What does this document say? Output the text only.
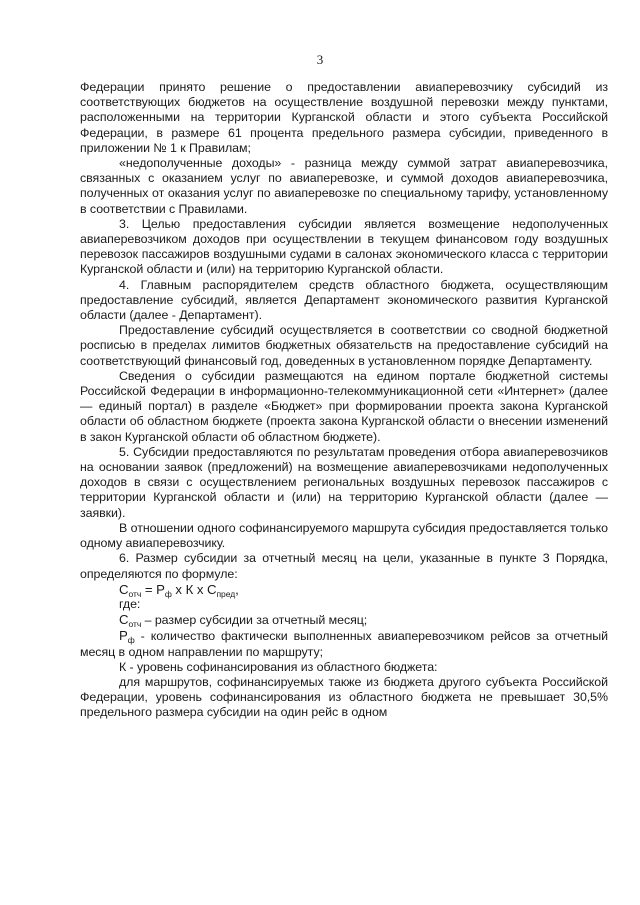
3

Федерации принято решение о предоставлении авиаперевозчику субсидий из соответствующих бюджетов на осуществление воздушной перевозки между пунктами, расположенными на территории Курганской области и этого субъекта Российской Федерации, в размере 61 процента предельного размера субсидии, приведенного в приложении № 1 к Правилам;

«недополученные доходы» - разница между суммой затрат авиаперевозчика, связанных с оказанием услуг по авиаперевозке, и суммой доходов авиаперевозчика, полученных от оказания услуг по авиаперевозке по специальному тарифу, установленному в соответствии с Правилами.

3. Целью предоставления субсидии является возмещение недополученных авиаперевозчиком доходов при осуществлении в текущем финансовом году воздушных перевозок пассажиров воздушными судами в салонах экономического класса с территории Курганской области и (или) на территорию Курганской области.

4. Главным распорядителем средств областного бюджета, осуществляющим предоставление субсидий, является Департамент экономического развития Курганской области (далее - Департамент).

Предоставление субсидий осуществляется в соответствии со сводной бюджетной росписью в пределах лимитов бюджетных обязательств на предоставление субсидий на соответствующий финансовый год, доведенных в установленном порядке Департаменту.

Сведения о субсидии размещаются на едином портале бюджетной системы Российской Федерации в информационно-телекоммуникационной сети «Интернет» (далее — единый портал) в разделе «Бюджет» при формировании проекта закона Курганской области об областном бюджете (проекта закона Курганской области о внесении изменений в закон Курганской области об областном бюджете).

5. Субсидии предоставляются по результатам проведения отбора авиаперевозчиков на основании заявок (предложений) на возмещение авиаперевозчиками недополученных доходов в связи с осуществлением региональных воздушных перевозок пассажиров с территории Курганской области и (или) на территорию Курганской области (далее — заявки).

В отношении одного софинансируемого маршрута субсидия предоставляется только одному авиаперевозчику.

6. Размер субсидии за отчетный месяц на цели, указанные в пункте 3 Порядка, определяются по формуле:

$С_{отч} = Р_ф$ х К х $С_{пред}$,
где:

$С_{отч}$ – размер субсидии за отчетный месяц;

$Р_ф$ - количество фактически выполненных авиаперевозчиком рейсов за отчетный месяц в одном направлении по маршруту;

К - уровень софинансирования из областного бюджета:

для маршрутов, софинансируемых также из бюджета другого субъекта Российской Федерации, уровень софинансирования из областного бюджета не превышает 30,5% предельного размера субсидии на один рейс в одном
